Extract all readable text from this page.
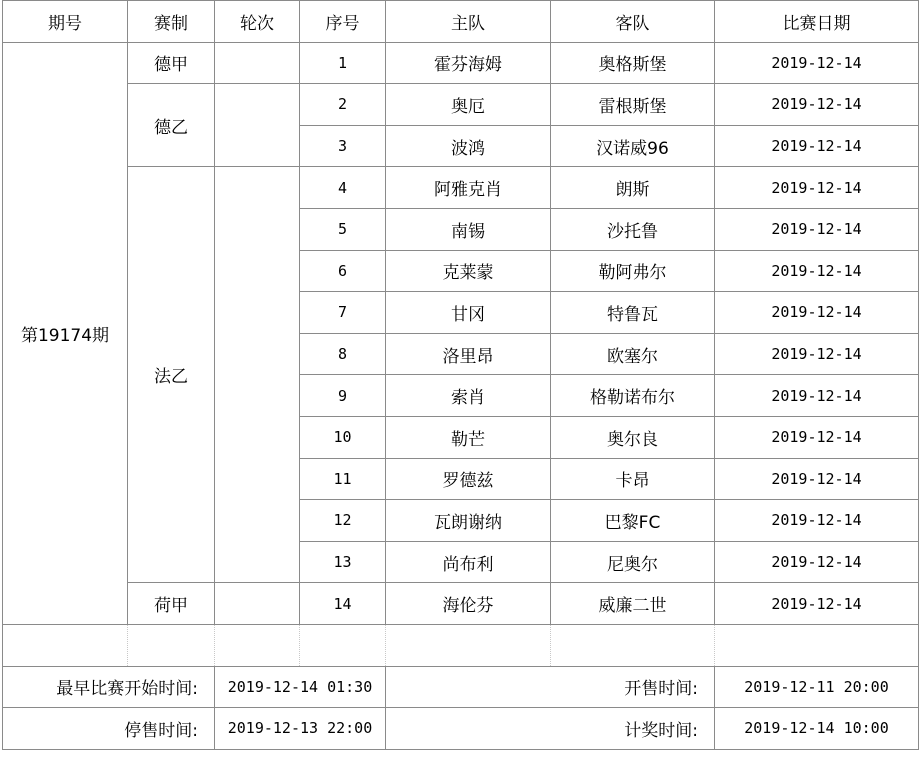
期号	赛制	轮次	序号	主队	客队	比赛日期
第19174期	德甲		1	霍芬海姆	奥格斯堡	2019-12-14
	德乙		2	奥厄	雷根斯堡	2019-12-14
			3	波鸿	汉诺威96	2019-12-14
	法乙		4	阿雅克肖	朗斯	2019-12-14
			5	南锡	沙托鲁	2019-12-14
			6	克莱蒙	勒阿弗尔	2019-12-14
			7	甘冈	特鲁瓦	2019-12-14
			8	洛里昂	欧塞尔	2019-12-14
			9	索肖	格勒诺布尔	2019-12-14
			10	勒芒	奥尔良	2019-12-14
			11	罗德兹	卡昂	2019-12-14
			12	瓦朗谢纳	巴黎FC	2019-12-14
			13	尚布利	尼奥尔	2019-12-14
	荷甲		14	海伦芬	威廉二世	2019-12-14

最早比赛开始时间:		2019-12-14 01:30		开售时间:		2019-12-11 20:00
停售时间:		2019-12-13 22:00		计奖时间:		2019-12-14 10:00
